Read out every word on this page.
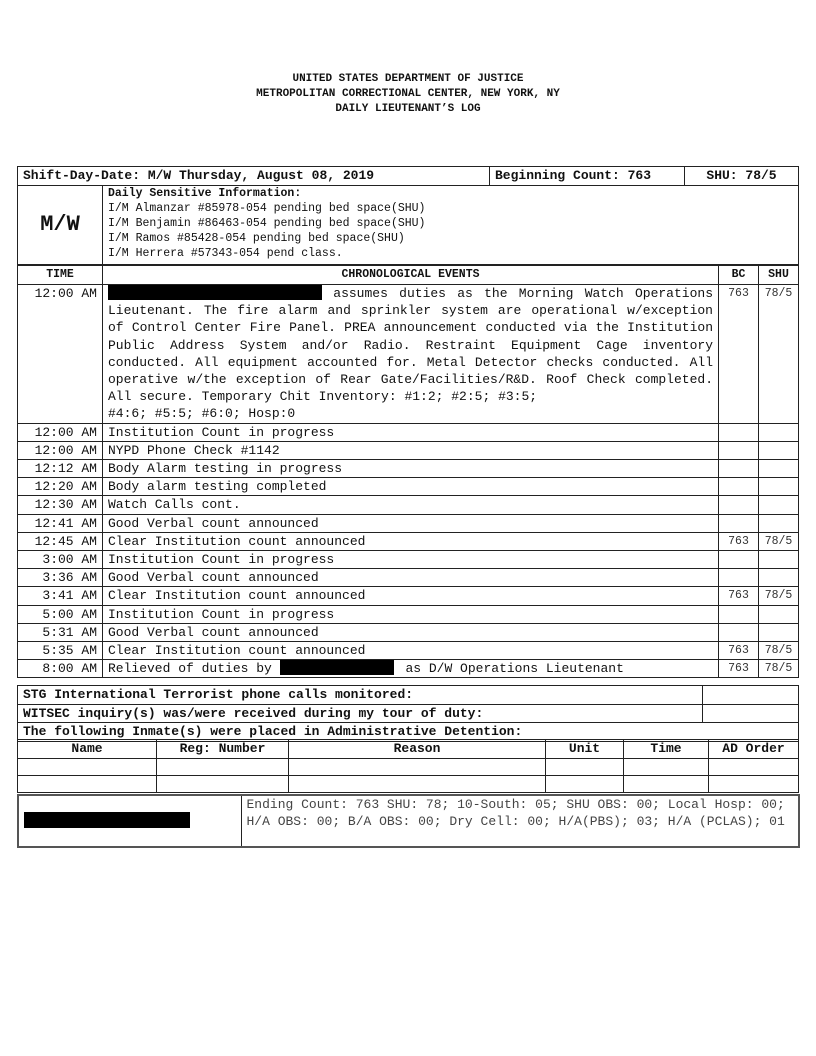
UNITED STATES DEPARTMENT OF JUSTICE
METROPOLITAN CORRECTIONAL CENTER, NEW YORK, NY
DAILY LIEUTENANT’S LOG
Shift-Day-Date: M/W Thursday, August 08, 2019	Beginning Count: 763	SHU: 78/5
M/W	
Daily Sensitive Information:
I/M Almanzar #85978-054 pending bed space(SHU)
I/M Benjamin #86463-054 pending bed space(SHU)
I/M Ramos #85428-054 pending bed space(SHU)
I/M Herrera #57343-054 pend class.
TIME	CHRONOLOGICAL EVENTS	BC	SHU
12:00 AM	assumes duties as the Morning Watch Operations Lieutenant. The fire alarm and sprinkler system are operational w/exception of Control Center Fire Panel. PREA announcement conducted via the Institution Public Address System and/or Radio. Restraint Equipment Cage inventory conducted. All equipment accounted for. Metal Detector checks conducted. All operative w/the exception of Rear Gate/Facilities/R&D. Roof Check completed. All secure. Temporary Chit Inventory: #1:2; #2:5; #3:5;
#4:6; #5:5; #6:0; Hosp:0	763	78/5
12:00 AM	Institution Count in progress		
12:00 AM	NYPD Phone Check #1142		
12:12 AM	Body Alarm testing in progress		
12:20 AM	Body alarm testing completed		
12:30 AM	Watch Calls cont.		
12:41 AM	Good Verbal count announced		
12:45 AM	Clear Institution count announced	763	78/5
3:00 AM	Institution Count in progress		
3:36 AM	Good Verbal count announced		
3:41 AM	Clear Institution count announced	763	78/5
5:00 AM	Institution Count in progress		
5:31 AM	Good Verbal count announced		
5:35 AM	Clear Institution count announced	763	78/5
8:00 AM	Relieved of duties by as D/W Operations Lieutenant	763	78/5
STG International Terrorist phone calls monitored:	
WITSEC inquiry(s) was/were received during my tour of duty:	
The following Inmate(s) were placed in Administrative Detention:	
Name	Reg: Number	Reason	Unit	Time	AD Order

	Ending Count: 763 SHU: 78; 10-South: 05; SHU OBS: 00; Local Hosp: 00; H/A OBS: 00; B/A OBS: 00; Dry Cell: 00; H/A(PBS); 03; H/A (PCLAS); 01
